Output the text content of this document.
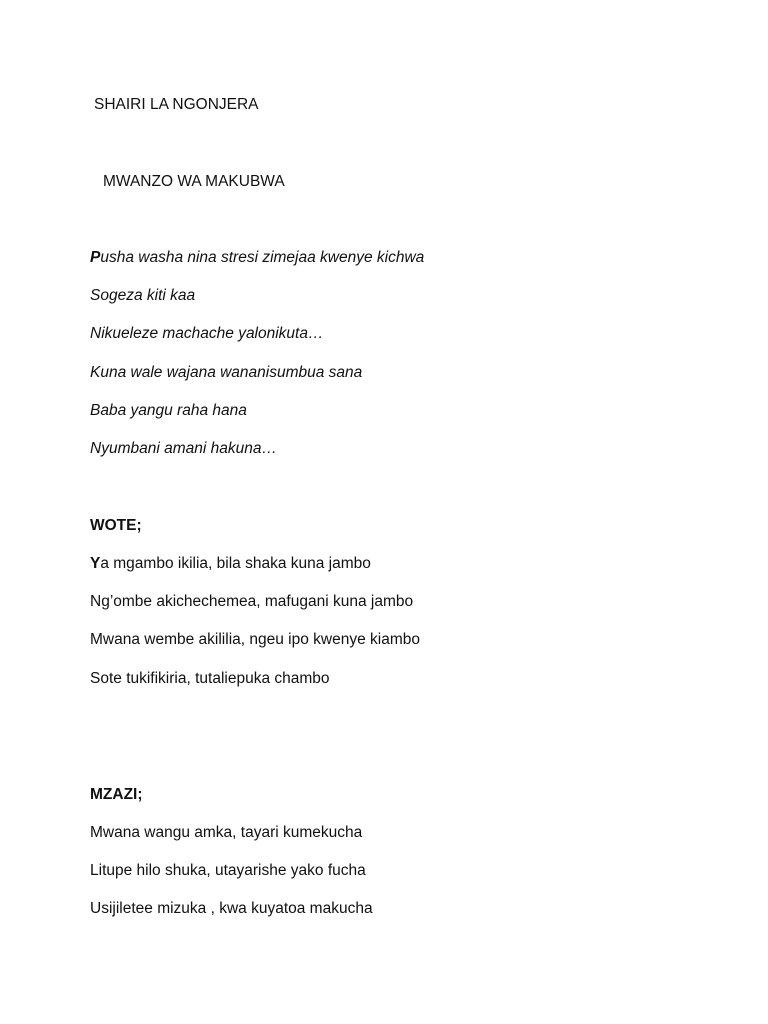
SHAIRI LA NGONJERA
MWANZO WA MAKUBWA
Pusha washa nina stresi zimejaa kwenye kichwa
Sogeza kiti kaa
Nikueleze machache yalonikuta…
Kuna wale wajana wananisumbua sana
Baba yangu raha hana
Nyumbani amani hakuna…
WOTE;
Ya mgambo ikilia, bila shaka kuna jambo
Ng’ombe akichechemea, mafugani kuna jambo
Mwana wembe akililia, ngeu ipo kwenye kiambo
Sote tukifikiria, tutaliepuka chambo
MZAZI;
Mwana wangu amka, tayari kumekucha
Litupe hilo shuka, utayarishe yako fucha
Usijiletee mizuka , kwa kuyatoa makucha
